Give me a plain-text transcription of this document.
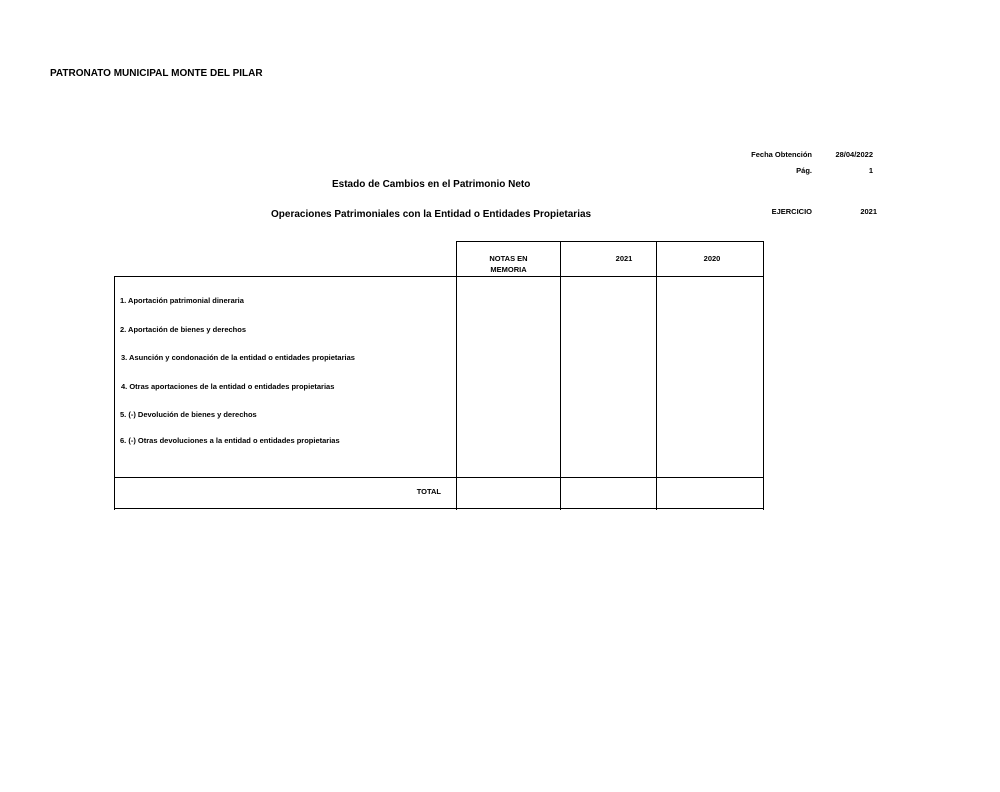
PATRONATO MUNICIPAL MONTE DEL PILAR
Fecha Obtención	28/04/2022
Pág.	1
EJERCICIO	2021
Estado de Cambios en el Patrimonio Neto
Operaciones Patrimoniales con la Entidad o Entidades Propietarias
NOTAS EN
MEMORIA
2021	2020
1. Aportación patrimonial dineraria
2. Aportación de bienes y derechos
3. Asunción y condonación de la entidad o entidades propietarias
4. Otras aportaciones de la entidad o entidades propietarias
5. (-) Devolución de bienes y derechos
6. (-) Otras devoluciones a la entidad o entidades propietarias
TOTAL
